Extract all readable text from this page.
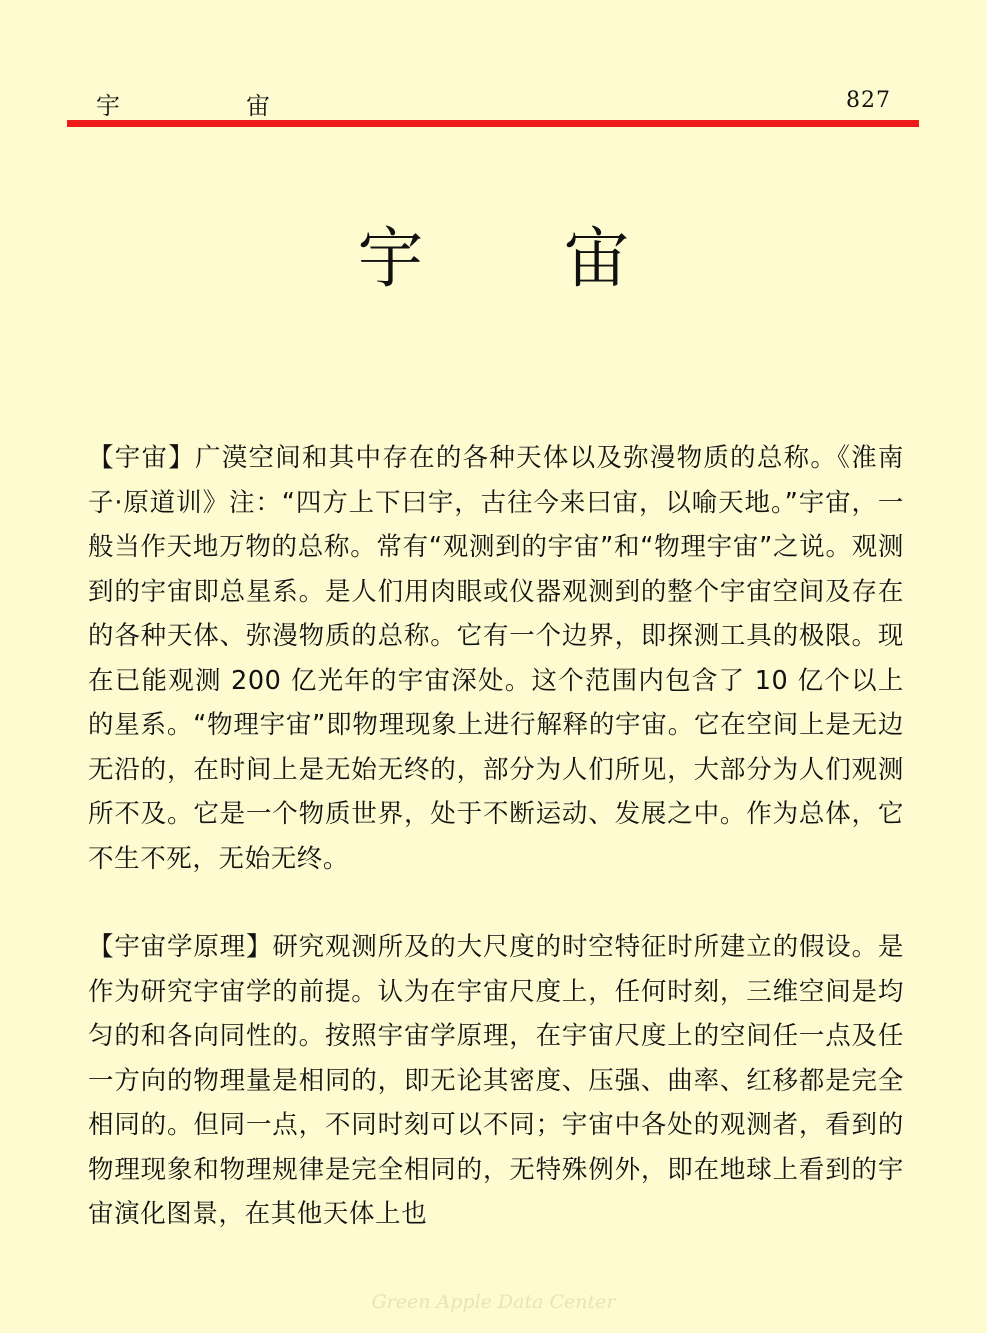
宇	宙	827
宇宙

【宇宙】广漠空间和其中存在的各种天体以及弥漫物质的总称。《淮南子·原道训》注：“四方上下曰宇，古往今来曰宙，以喻天地。”宇宙，一般当作天地万物的总称。常有“观测到的宇宙”和“物理宇宙”之说。观测到的宇宙即总星系。是人们用肉眼或仪器观测到的整个宇宙空间及存在的各种天体、弥漫物质的总称。它有一个边界，即探测工具的极限。现在已能观测 200 亿光年的宇宙深处。这个范围内包含了 10 亿个以上的星系。“物理宇宙”即物理现象上进行解释的宇宙。它在空间上是无边无沿的，在时间上是无始无终的，部分为人们所见，大部分为人们观测所不及。它是一个物质世界，处于不断运动、发展之中。作为总体，它不生不死，无始无终。

【宇宙学原理】研究观测所及的大尺度的时空特征时所建立的假设。是作为研究宇宙学的前提。认为在宇宙尺度上，任何时刻，三维空间是均匀的和各向同性的。按照宇宙学原理，在宇宙尺度上的空间任一点及任一方向的物理量是相同的，即无论其密度、压强、曲率、红移都是完全相同的。但同一点，不同时刻可以不同；宇宙中各处的观测者，看到的物理现象和物理规律是完全相同的，无特殊例外，即在地球上看到的宇宙演化图景，在其他天体上也

Green Apple Data Center
